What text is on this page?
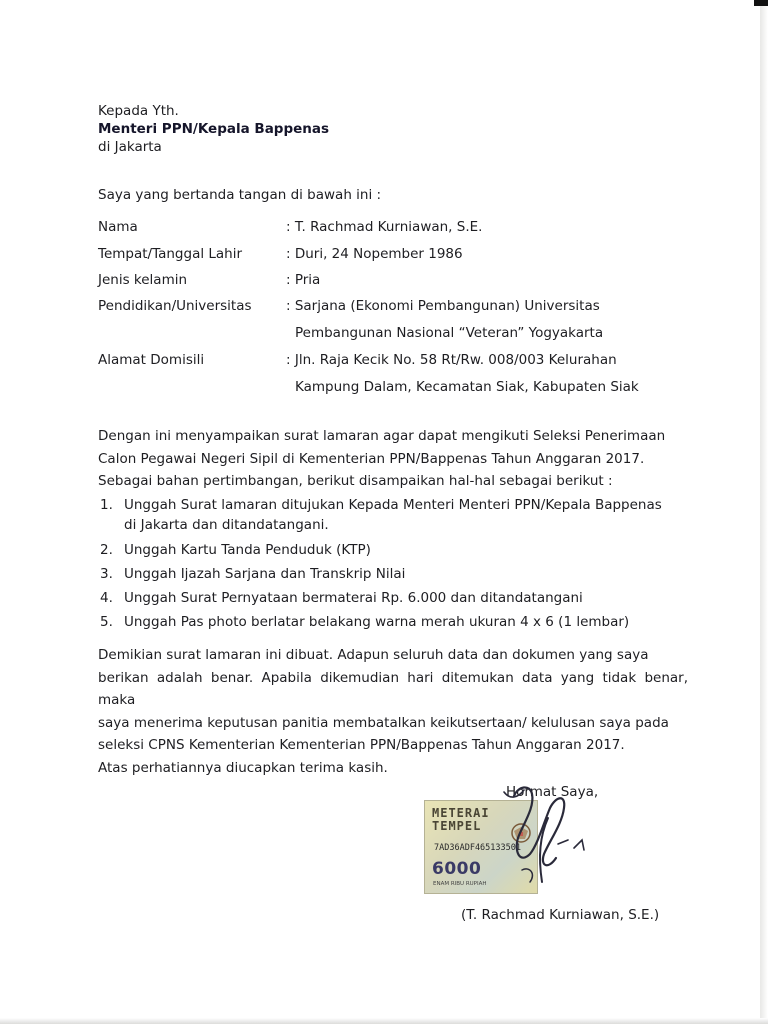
Kepada Yth.
Menteri PPN/Kepala Bappenas
di Jakarta
Saya yang bertanda tangan di bawah ini :
Nama	: T. Rachmad Kurniawan, S.E.
Tempat/Tanggal Lahir	: Duri, 24 Nopember 1986
Jenis kelamin	: Pria
Pendidikan/Universitas	: Sarjana (Ekonomi Pembangunan) Universitas
Pembangunan Nasional “Veteran” Yogyakarta
Alamat Domisili	: Jln. Raja Kecik No. 58 Rt/Rw. 008/003 Kelurahan
Kampung Dalam, Kecamatan Siak, Kabupaten Siak
Dengan ini menyampaikan surat lamaran agar dapat mengikuti Seleksi Penerimaan
Calon Pegawai Negeri Sipil di Kementerian PPN/Bappenas Tahun Anggaran 2017.
Sebagai bahan pertimbangan, berikut disampaikan hal-hal sebagai berikut :
1. Unggah Surat lamaran ditujukan Kepada Menteri Menteri PPN/Kepala Bappenas
di Jakarta dan ditandatangani.
2. Unggah Kartu Tanda Penduduk (KTP)
3. Unggah Ijazah Sarjana dan Transkrip Nilai
4. Unggah Surat Pernyataan bermaterai Rp. 6.000 dan ditandatangani
5. Unggah Pas photo berlatar belakang warna merah ukuran 4 x 6 (1 lembar)
Demikian surat lamaran ini dibuat. Adapun seluruh data dan dokumen yang saya
berikan adalah benar. Apabila dikemudian hari ditemukan data yang tidak benar, maka
saya menerima keputusan panitia membatalkan keikutsertaan/ kelulusan saya pada
seleksi CPNS Kementerian Kementerian PPN/Bappenas Tahun Anggaran 2017.
Atas perhatiannya diucapkan terima kasih.
Hormat Saya,
METERAI
TEMPEL
7AD36ADF465133501
6000
ENAM RIBU RUPIAH
(T. Rachmad Kurniawan, S.E.)
